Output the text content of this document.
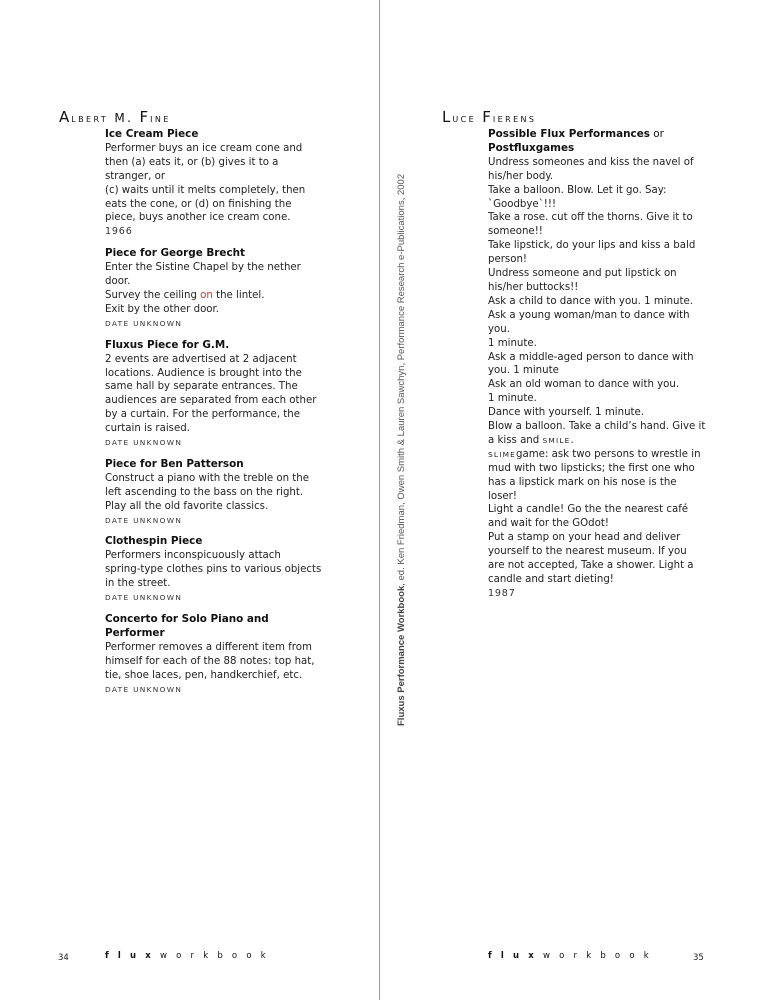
Albert M. Fine
Ice Cream Piece
Performer buys an ice cream cone and
then (a) eats it, or (b) gives it to a
stranger, or
(c) waits until it melts completely, then
eats the cone, or (d) on finishing the
piece, buys another ice cream cone.
1966
Piece for George Brecht
Enter the Sistine Chapel by the nether
door.
Survey the ceiling on the lintel.
Exit by the other door.
DATE UNKNOWN
Fluxus Piece for G.M.
2 events are advertised at 2 adjacent
locations. Audience is brought into the
same hall by separate entrances. The
audiences are separated from each other
by a curtain. For the performance, the
curtain is raised.
DATE UNKNOWN
Piece for Ben Patterson
Construct a piano with the treble on the
left ascending to the bass on the right.
Play all the old favorite classics.
DATE UNKNOWN
Clothespin Piece
Performers inconspicuously attach
spring-type clothes pins to various objects
in the street.
DATE UNKNOWN
Concerto for Solo Piano and
Performer
Performer removes a different item from
himself for each of the 88 notes: top hat,
tie, shoe laces, pen, handkerchief, etc.
DATE UNKNOWN	Fluxus Performance Workbook, ed. Ken Friedman, Owen Smith & Lauren Sawchyn, Performance Research e-Publications, 2002
Luce Fierens
Possible Flux Performances or
Postfluxgames
Undress someones and kiss the navel of
his/her body.
Take a balloon. Blow. Let it go. Say:
`Goodbye`!!!
Take a rose. cut off the thorns. Give it to
someone!!
Take lipstick, do your lips and kiss a bald
person!
Undress someone and put lipstick on
his/her buttocks!!
Ask a child to dance with you. 1 minute.
Ask a young woman/man to dance with
you.
1 minute.
Ask a middle-aged person to dance with
you. 1 minute
Ask an old woman to dance with you.
1 minute.
Dance with yourself. 1 minute.
Blow a balloon. Take a child’s hand. Give it
a kiss and SMILE.
SLIMEgame: ask two persons to wrestle in
mud with two lipsticks; the first one who
has a lipstick mark on his nose is the
loser!
Light a candle! Go the the nearest café
and wait for the GOdot!
Put a stamp on your head and deliver
yourself to the nearest museum. If you
are not accepted, Take a shower. Light a
candle and start dieting!
1987
34	fluxworkbook	fluxworkbook	35
